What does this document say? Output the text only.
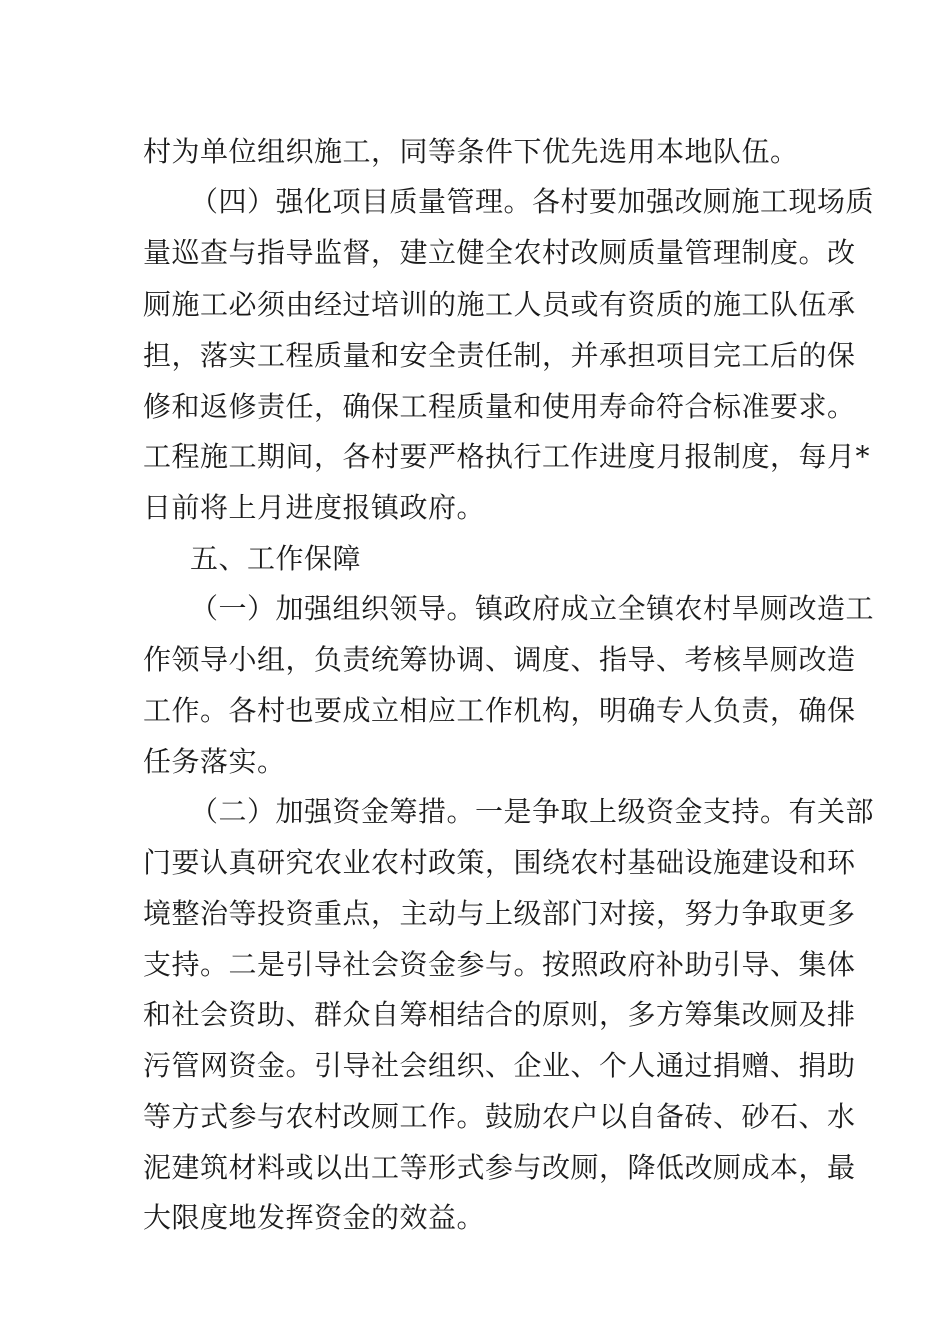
村为单位组织施工，同等条件下优先选用本地队伍。
（四）强化项目质量管理。各村要加强改厕施工现场质
量巡查与指导监督，建立健全农村改厕质量管理制度。改
厕施工必须由经过培训的施工人员或有资质的施工队伍承
担，落实工程质量和安全责任制，并承担项目完工后的保
修和返修责任，确保工程质量和使用寿命符合标准要求。
工程施工期间，各村要严格执行工作进度月报制度，每月*
日前将上月进度报镇政府。
五、工作保障
（一）加强组织领导。镇政府成立全镇农村旱厕改造工
作领导小组，负责统筹协调、调度、指导、考核旱厕改造
工作。各村也要成立相应工作机构，明确专人负责，确保
任务落实。
（二）加强资金筹措。一是争取上级资金支持。有关部
门要认真研究农业农村政策，围绕农村基础设施建设和环
境整治等投资重点，主动与上级部门对接，努力争取更多
支持。二是引导社会资金参与。按照政府补助引导、集体
和社会资助、群众自筹相结合的原则，多方筹集改厕及排
污管网资金。引导社会组织、企业、个人通过捐赠、捐助
等方式参与农村改厕工作。鼓励农户以自备砖、砂石、水
泥建筑材料或以出工等形式参与改厕，降低改厕成本，最
大限度地发挥资金的效益。
